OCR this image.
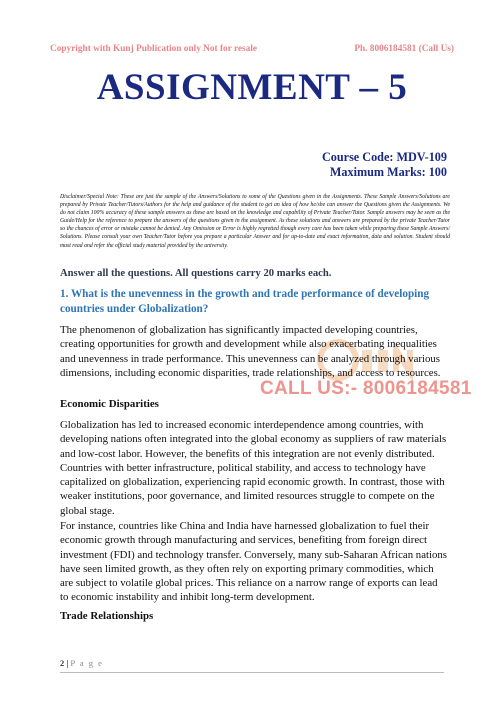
Copyright with Kunj Publication only Not for resale	Ph. 8006184581 (Call Us)
ASSIGNMENT – 5
Course Code: MDV-109
Maximum Marks: 100
Disclaimer/Special Note: These are just the sample of the Answers/Solutions to some of the Questions given in the Assignments. These Sample Answers/Solutions are prepared by Private Teacher/Tutors/Authors for the help and guidance of the student to get an idea of how he/she can answer the Questions given the Assignments. We do not claim 100% accuracy of these sample answers as these are based on the knowledge and capability of Private Teacher/Tutor. Sample answers may be seen as the Guide/Help for the reference to prepare the answers of the questions given in the assignment. As these solutions and answers are prepared by the private Teacher/Tutor so the chances of error or mistake cannot be denied. Any Omission or Error is highly regretted though every care has been taken while preparing these Sample Answers/ Solutions. Please consult your own Teacher/Tutor before you prepare a particular Answer and for up-to-date and exact information, data and solution. Student should must read and refer the official study material provided by the university.
Answer all the questions. All questions carry 20 marks each.
1. What is the unevenness in the growth and trade performance of developing countries under Globalization?
The phenomenon of globalization has significantly impacted developing countries, creating opportunities for growth and development while also exacerbating inequalities and unevenness in trade performance. This unevenness can be analyzed through various dimensions, including economic disparities, trade relationships, and access to resources.
CALL US:- 8006184581
Economic Disparities
Globalization has led to increased economic interdependence among countries, with developing nations often integrated into the global economy as suppliers of raw materials and low-cost labor. However, the benefits of this integration are not evenly distributed. Countries with better infrastructure, political stability, and access to technology have capitalized on globalization, experiencing rapid economic growth. In contrast, those with weaker institutions, poor governance, and limited resources struggle to compete on the global stage.
For instance, countries like China and India have harnessed globalization to fuel their economic growth through manufacturing and services, benefiting from foreign direct investment (FDI) and technology transfer. Conversely, many sub-Saharan African nations have seen limited growth, as they often rely on exporting primary commodities, which are subject to volatile global prices. This reliance on a narrow range of exports can lead to economic instability and inhibit long-term development.
Trade Relationships
2 | P a g e
